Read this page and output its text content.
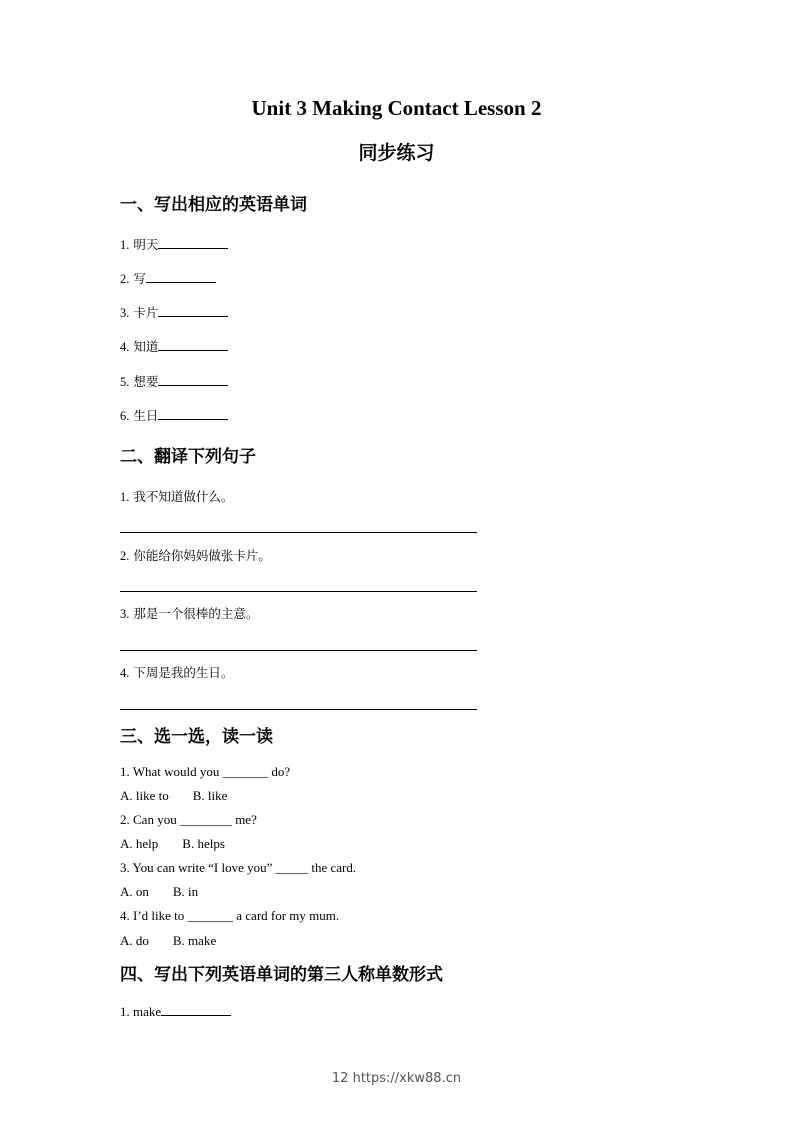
Unit 3 Making Contact Lesson 2
同步练习
一、写出相应的英语单词
1. 明天
2. 写
3. 卡片
4. 知道
5. 想要
6. 生日
二、翻译下列句子
1. 我不知道做什么。
2. 你能给你妈妈做张卡片。
3. 那是一个很棒的主意。
4. 下周是我的生日。
三、选一选，读一读
1. What would you _______ do?
A. like to B. like
2. Can you ________ me?
A. help B. helps
3. You can write “I love you” _____ the card.
A. on B. in
4. I’d like to _______ a card for my mum.
A. do B. make
四、写出下列英语单词的第三人称单数形式
1. make
12 https://xkw88.cn
